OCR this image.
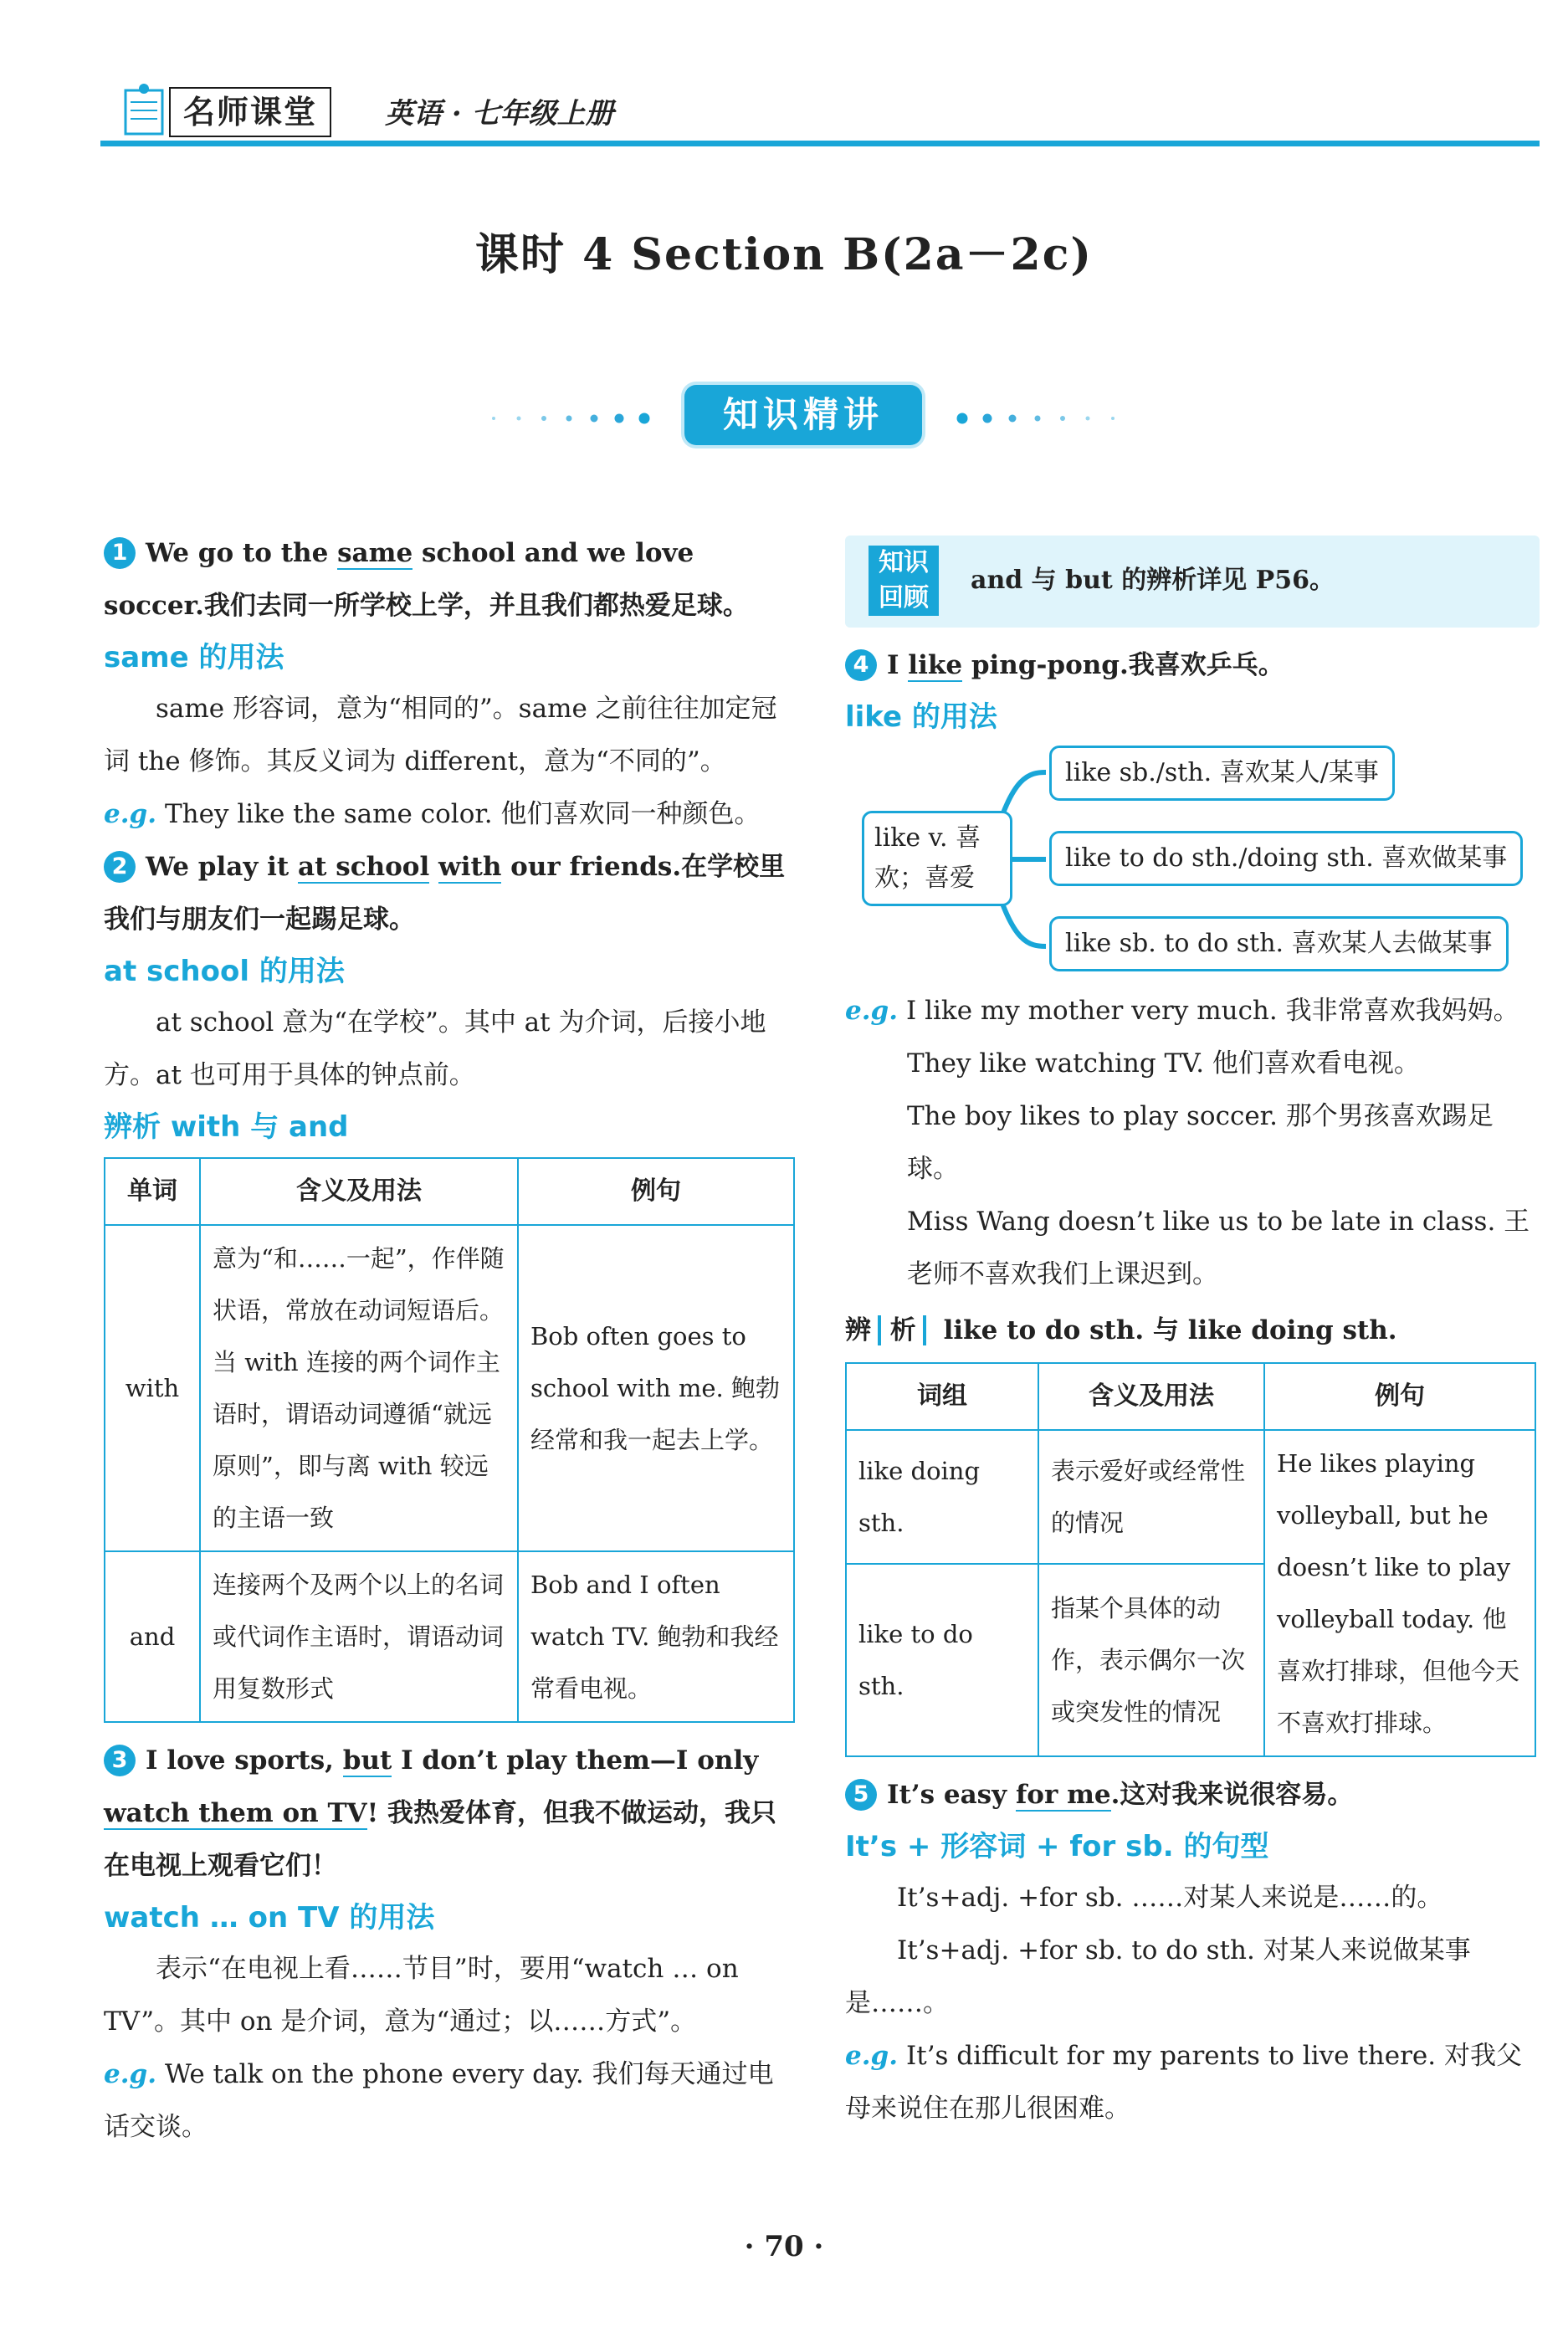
名师课堂	英语 · 七年级上册
课时 4 Section B(2a－2c)
知识精讲

1 We go to the same school and we love soccer.我们去同一所学校上学，并且我们都热爱足球。

same 的用法

same 形容词，意为“相同的”。same 之前往往加定冠词 the 修饰。其反义词为 different，意为“不同的”。

e.g. They like the same color. 他们喜欢同一种颜色。

2 We play it at school with our friends.在学校里我们与朋友们一起踢足球。

at school 的用法

at school 意为“在学校”。其中 at 为介词，后接小地方。at 也可用于具体的钟点前。

辨析 with 与 and
单词	含义及用法	例句
with	意为“和……一起”，作伴随状语，常放在动词短语后。当 with 连接的两个词作主语时，谓语动词遵循“就远原则”，即与离 with 较远的主语一致	Bob often goes to school with me. 鲍勃经常和我一起去上学。
and	连接两个及两个以上的名词或代词作主语时，谓语动词用复数形式	Bob and I often watch TV. 鲍勃和我经常看电视。

3 I love sports, but I don’t play them—I only watch them on TV! 我热爱体育，但我不做运动，我只在电视上观看它们！

watch … on TV 的用法

表示“在电视上看……节目”时，要用“watch … on TV”。其中 on 是介词，意为“通过；以……方式”。

e.g. We talk on the phone every day. 我们每天通过电话交谈。

知识
回顾
and 与 but 的辨析详见 P56。

4 I like ping-pong.我喜欢乒乓。

like 的用法
like v. 喜欢；喜爱
like sb./sth. 喜欢某人/某事
like to do sth./doing sth. 喜欢做某事
like sb. to do sth. 喜欢某人去做某事

e.g. I like my mother very much. 我非常喜欢我妈妈。

They like watching TV. 他们喜欢看电视。

The boy likes to play soccer. 那个男孩喜欢踢足球。

Miss Wang doesn’t like us to be late in class. 王老师不喜欢我们上课迟到。

辨 析 like to do sth. 与 like doing sth.

词组	含义及用法	例句
like doing sth.	表示爱好或经常性的情况	He likes playing volleyball, but he doesn’t like to play volleyball today. 他喜欢打排球，但他今天不喜欢打排球。
like to do sth.	指某个具体的动作，表示偶尔一次或突发性的情况	

5 It’s easy for me.这对我来说很容易。

It’s + 形容词 + for sb. 的句型

It’s+adj. +for sb. ……对某人来说是……的。

It’s+adj. +for sb. to do sth. 对某人来说做某事是……。

e.g. It’s difficult for my parents to live there. 对我父母来说住在那儿很困难。

· 70 ·
